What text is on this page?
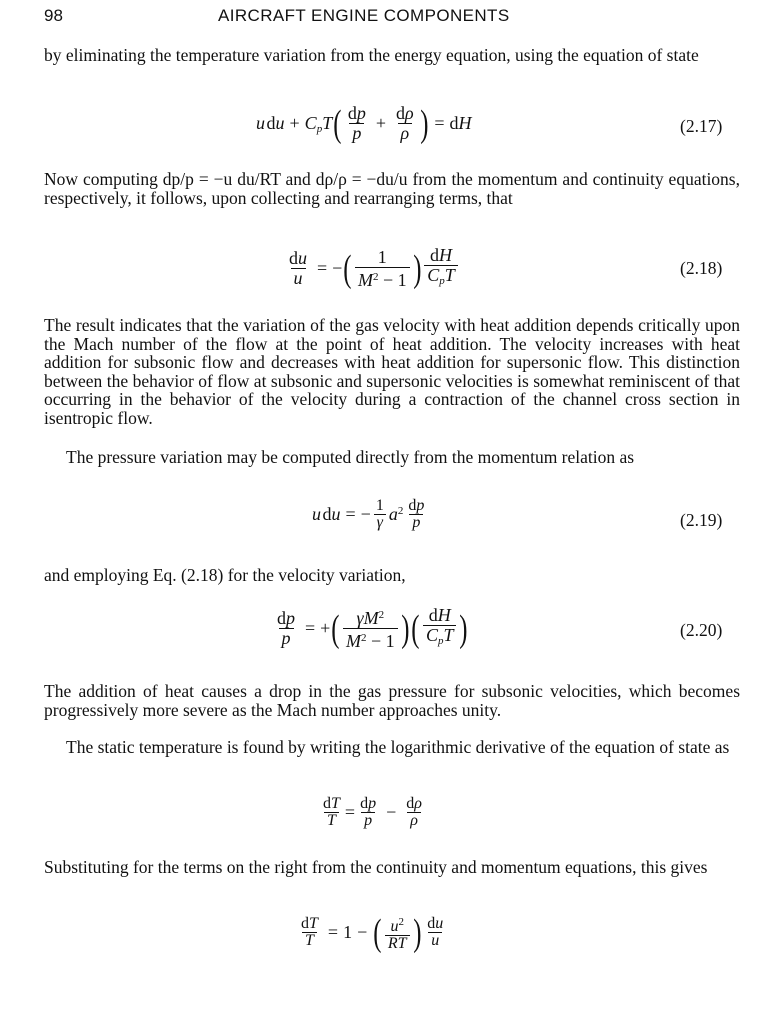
98	AIRCRAFT ENGINE COMPONENTS

by eliminating the temperature variation from the energy equation, using the equation of state

u du + $C_pT$ ( $\frac{dp}{p} + \frac{d\rho}{\rho}$ ) = dH	(2.17)

Now computing dp/p = −u du/RT and dρ/ρ = −du/u from the momentum and continuity equations, respectively, it follows, upon collecting and rearranging terms, that

$\frac{du}{u}$ = − ( $\frac{1}{M^2 - 1}$ ) $\frac{dH}{C_pT}$	(2.18)

The result indicates that the variation of the gas velocity with heat addition depends critically upon the Mach number of the flow at the point of heat addition. The velocity increases with heat addition for subsonic flow and decreases with heat addition for supersonic flow. This distinction between the behavior of flow at subsonic and supersonic velocities is somewhat reminiscent of that occurring in the behavior of the velocity during a contraction of the channel cross section in isentropic flow.

The pressure variation may be computed directly from the momentum relation as

u du = − $\frac{1}{\gamma} a^2 \frac{dp}{p}$	(2.19)

and employing Eq. (2.18) for the velocity variation,

$\frac{dp}{p}$ = + ( $\frac{\gamma M^2}{M^2 - 1}$ ) ( $\frac{dH}{C_pT}$ )	(2.20)

The addition of heat causes a drop in the gas pressure for subsonic velocities, which becomes progressively more severe as the Mach number approaches unity.

The static temperature is found by writing the logarithmic derivative of the equation of state as

$\frac{dT}{T} = \frac{dp}{p} - \frac{d\rho}{\rho}$

Substituting for the terms on the right from the continuity and momentum equations, this gives

$\frac{dT}{T} = 1$ − ( $\frac{u^2}{RT}$ ) $\frac{du}{u}$
